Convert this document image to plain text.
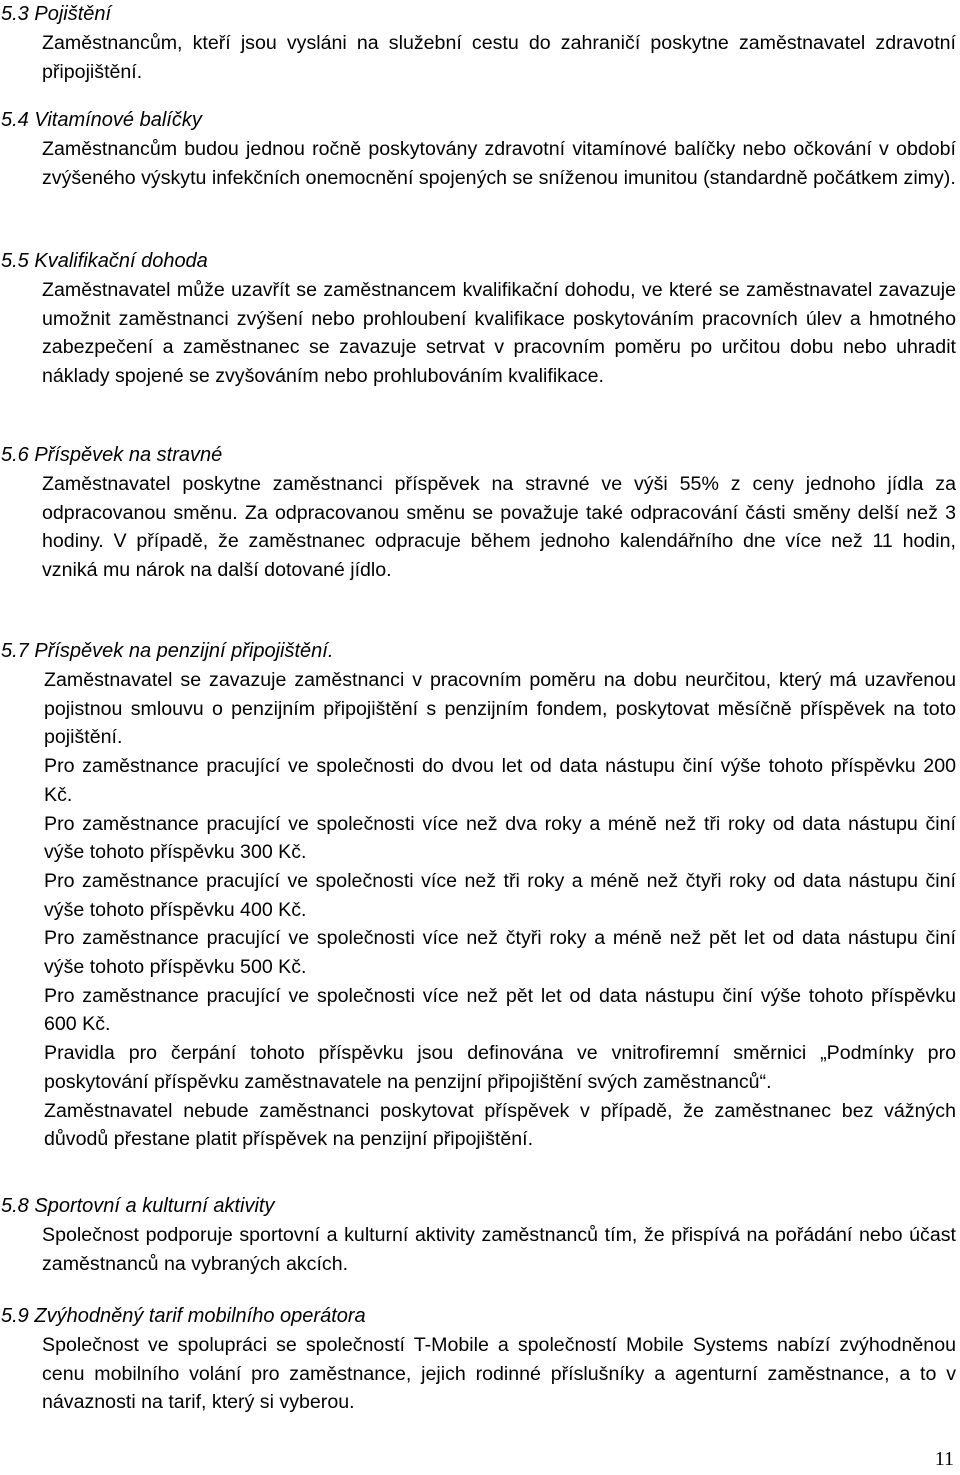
5.3 Pojištění
Zaměstnancům, kteří jsou vysláni na služební cestu do zahraničí poskytne zaměstnavatel zdravotní připojištění.
5.4 Vitamínové balíčky
Zaměstnancům budou jednou ročně poskytovány zdravotní vitamínové balíčky nebo očkování v období zvýšeného výskytu infekčních onemocnění spojených se sníženou imunitou (standardně počátkem zimy).
5.5 Kvalifikační dohoda
Zaměstnavatel může uzavřít se zaměstnancem kvalifikační dohodu, ve které se zaměstnavatel zavazuje umožnit zaměstnanci zvýšení nebo prohloubení kvalifikace poskytováním pracovních úlev a hmotného zabezpečení a zaměstnanec se zavazuje setrvat v pracovním poměru po určitou dobu nebo uhradit náklady spojené se zvyšováním nebo prohlubováním kvalifikace.
5.6 Příspěvek na stravné
Zaměstnavatel poskytne zaměstnanci příspěvek na stravné ve výši 55% z ceny jednoho jídla za odpracovanou směnu. Za odpracovanou směnu se považuje také odpracování části směny delší než 3 hodiny. V případě, že zaměstnanec odpracuje během jednoho kalendářního dne více než 11 hodin, vzniká mu nárok na další dotované jídlo.
5.7 Příspěvek na penzijní připojištění.
Zaměstnavatel se zavazuje zaměstnanci v pracovním poměru na dobu neurčitou, který má uzavřenou pojistnou smlouvu o penzijním připojištění s penzijním fondem, poskytovat měsíčně příspěvek na toto pojištění.
Pro zaměstnance pracující ve společnosti do dvou let od data nástupu činí výše tohoto příspěvku 200 Kč.
Pro zaměstnance pracující ve společnosti více než dva roky a méně než tři roky od data nástupu činí výše tohoto příspěvku 300 Kč.
Pro zaměstnance pracující ve společnosti více než tři roky a méně než čtyři roky od data nástupu činí výše tohoto příspěvku 400 Kč.
Pro zaměstnance pracující ve společnosti více než čtyři roky a méně než pět let od data nástupu činí výše tohoto příspěvku 500 Kč.
Pro zaměstnance pracující ve společnosti více než pět let od data nástupu činí výše tohoto příspěvku 600 Kč.
Pravidla pro čerpání tohoto příspěvku jsou definována ve vnitrofiremní směrnici „Podmínky pro poskytování příspěvku zaměstnavatele na penzijní připojištění svých zaměstnanců“.
Zaměstnavatel nebude zaměstnanci poskytovat příspěvek v případě, že zaměstnanec bez vážných důvodů přestane platit příspěvek na penzijní připojištění.
5.8 Sportovní a kulturní aktivity
Společnost podporuje sportovní a kulturní aktivity zaměstnanců tím, že přispívá na pořádání nebo účast zaměstnanců na vybraných akcích.
5.9 Zvýhodněný tarif mobilního operátora
Společnost ve spolupráci se společností T-Mobile a společností Mobile Systems nabízí zvýhodněnou cenu mobilního volání pro zaměstnance, jejich rodinné příslušníky a agenturní zaměstnance, a to v návaznosti na tarif, který si vyberou.
11
